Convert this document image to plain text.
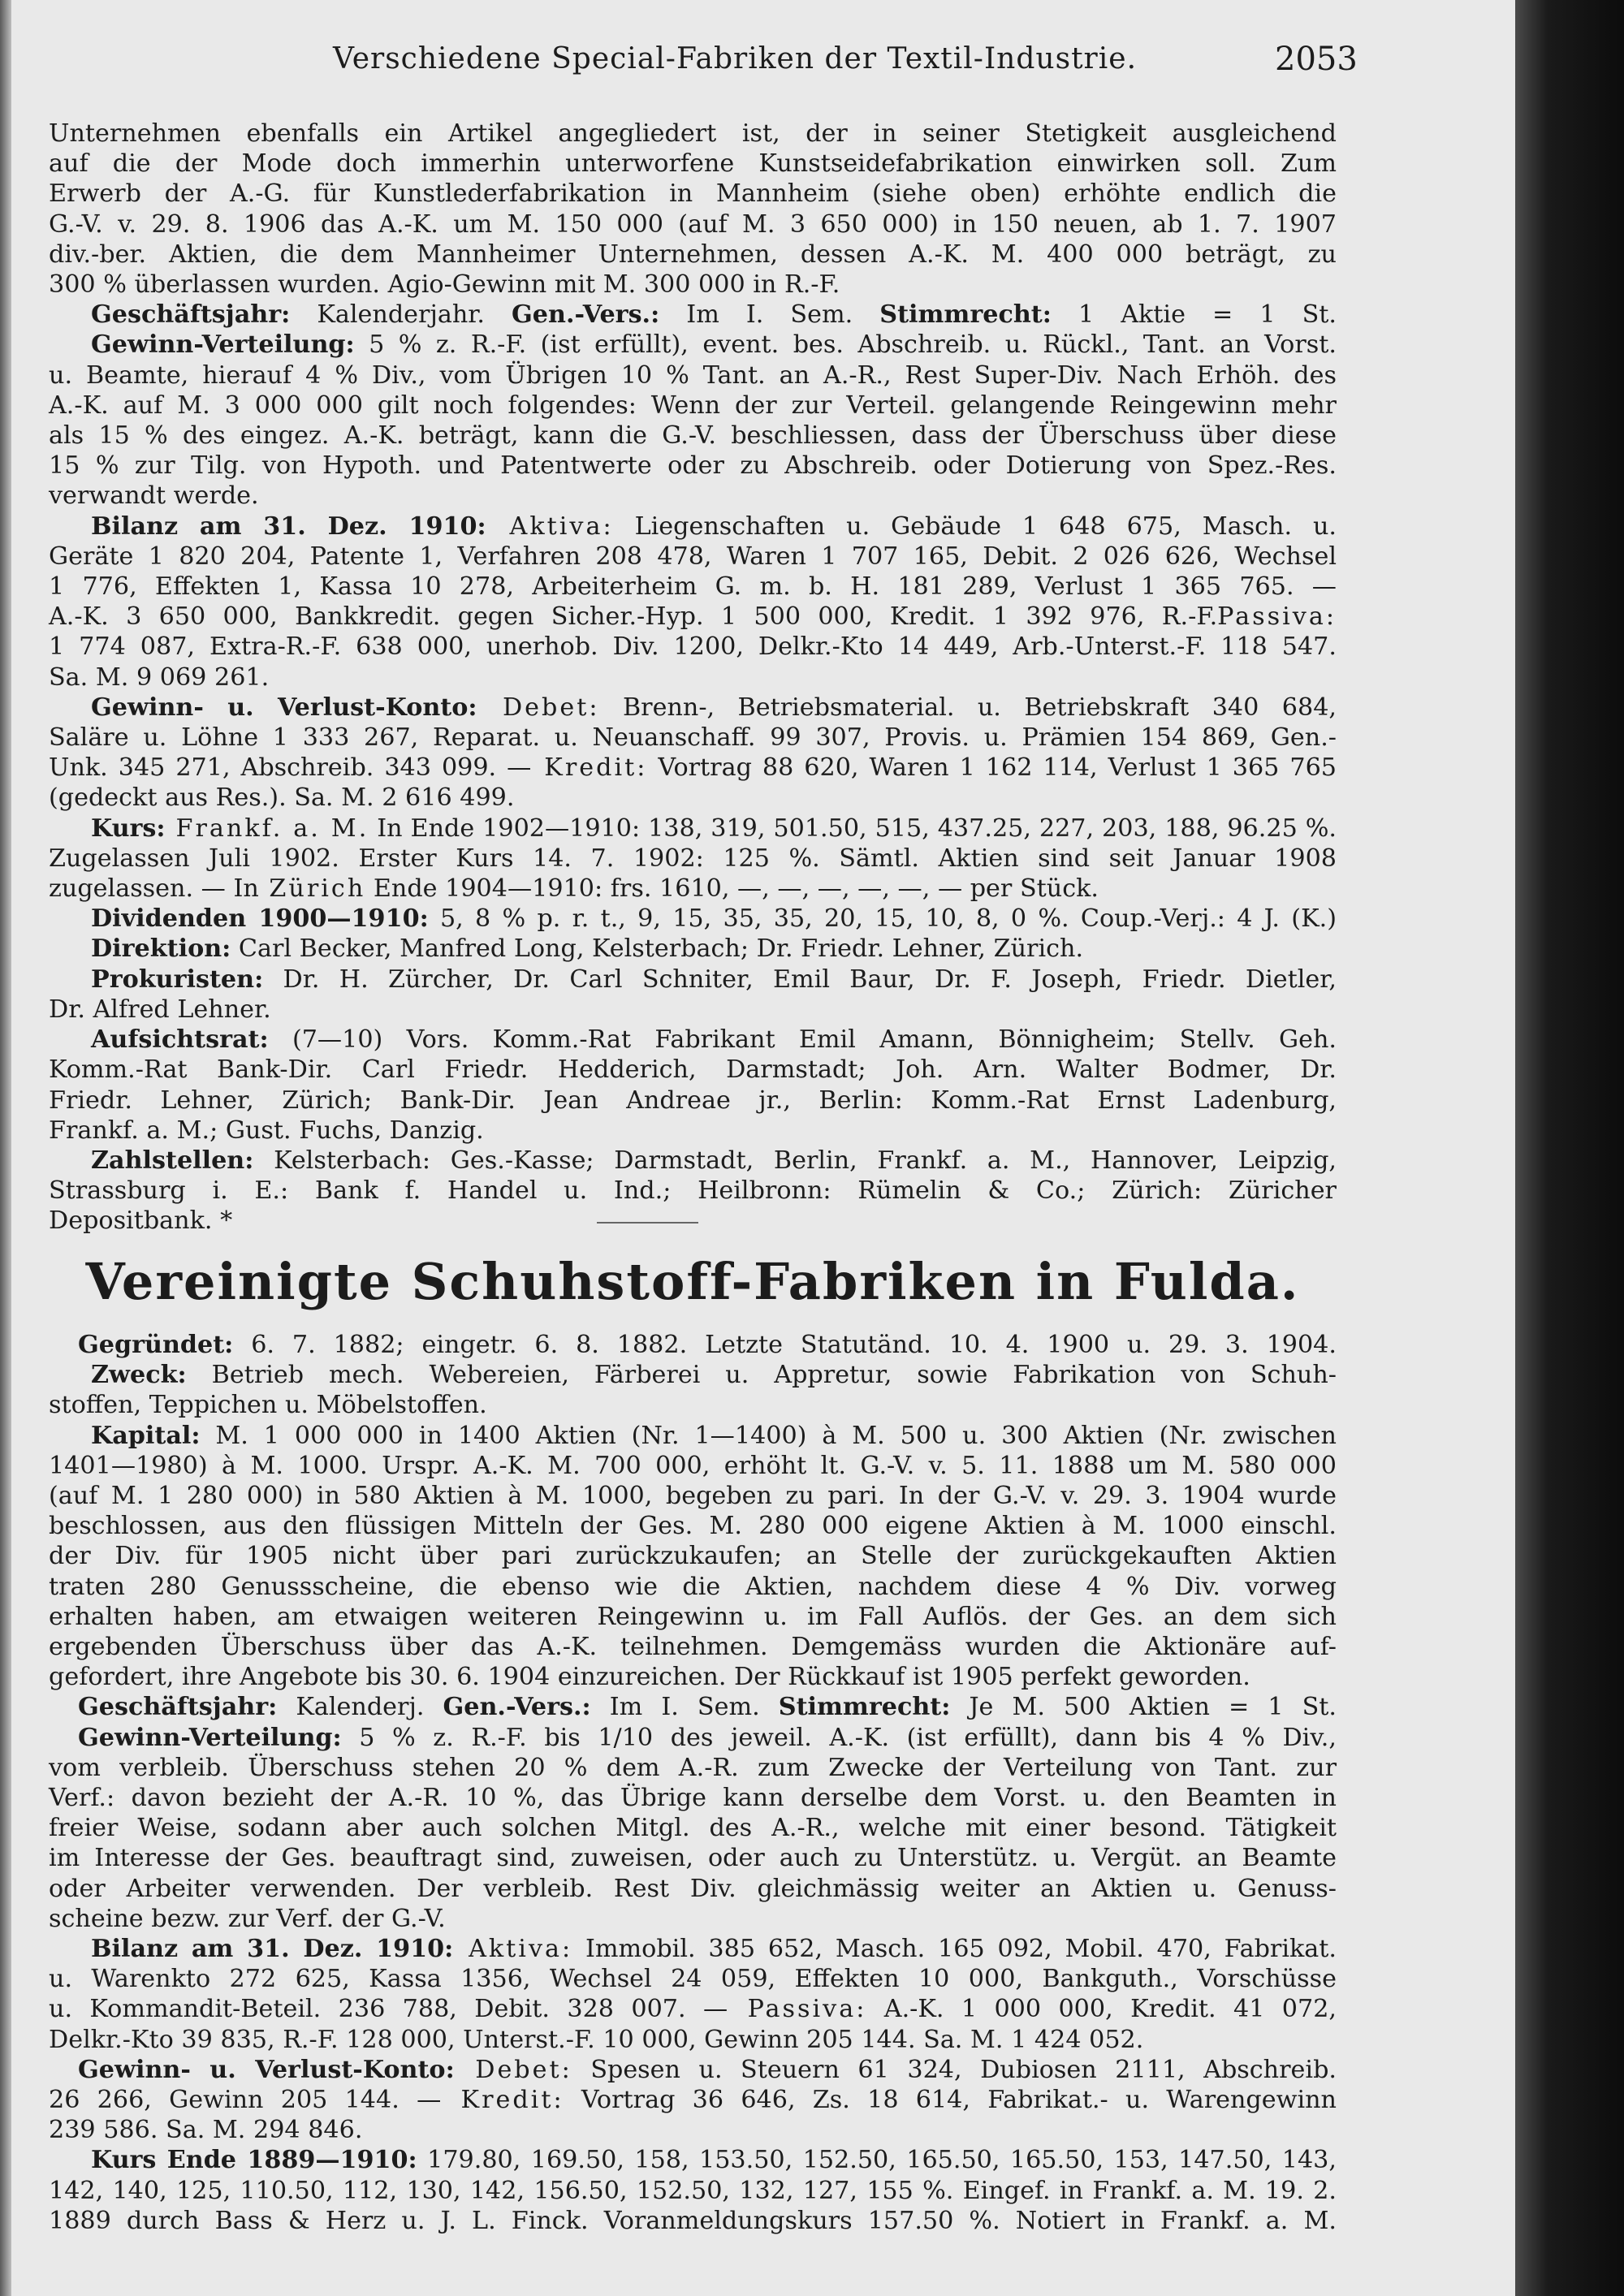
Verschiedene Special-Fabriken der Textil-Industrie.	2053

Unternehmen ebenfalls ein Artikel angegliedert ist, der in seiner Stetigkeit ausgleichend

auf die der Mode doch immerhin unterworfene Kunstseidefabrikation einwirken soll. Zum

Erwerb der A.-G. für Kunstlederfabrikation in Mannheim (siehe oben) erhöhte endlich die

G.-V. v. 29. 8. 1906 das A.-K. um M. 150 000 (auf M. 3 650 000) in 150 neuen, ab 1. 7. 1907

div.-ber. Aktien, die dem Mannheimer Unternehmen, dessen A.-K. M. 400 000 beträgt, zu

300 % überlassen wurden. Agio-Gewinn mit M. 300 000 in R.-F.

Geschäftsjahr: Kalenderjahr. Gen.-Vers.: Im I. Sem. Stimmrecht: 1 Aktie = 1 St.

Gewinn-Verteilung: 5 % z. R.-F. (ist erfüllt), event. bes. Abschreib. u. Rückl., Tant. an Vorst.

u. Beamte, hierauf 4 % Div., vom Übrigen 10 % Tant. an A.-R., Rest Super-Div. Nach Erhöh. des

A.-K. auf M. 3 000 000 gilt noch folgendes: Wenn der zur Verteil. gelangende Reingewinn mehr

als 15 % des eingez. A.-K. beträgt, kann die G.-V. beschliessen, dass der Überschuss über diese

15 % zur Tilg. von Hypoth. und Patentwerte oder zu Abschreib. oder Dotierung von Spez.-Res.

verwandt werde.

Bilanz am 31. Dez. 1910: Aktiva: Liegenschaften u. Gebäude 1 648 675, Masch. u.

Geräte 1 820 204, Patente 1, Verfahren 208 478, Waren 1 707 165, Debit. 2 026 626, Wechsel

1 776, Effekten 1, Kassa 10 278, Arbeiterheim G. m. b. H. 181 289, Verlust 1 365 765. —

A.-K. 3 650 000, Bankkredit. gegen Sicher.-Hyp. 1 500 000, Kredit. 1 392 976, R.-F.Passiva:

1 774 087, Extra-R.-F. 638 000, unerhob. Div. 1200, Delkr.-Kto 14 449, Arb.-Unterst.-F. 118 547.

Sa. M. 9 069 261.

Gewinn- u. Verlust-Konto: Debet: Brenn-, Betriebsmaterial. u. Betriebskraft 340 684,

Saläre u. Löhne 1 333 267, Reparat. u. Neuanschaff. 99 307, Provis. u. Prämien 154 869, Gen.-

Unk. 345 271, Abschreib. 343 099. — Kredit: Vortrag 88 620, Waren 1 162 114, Verlust 1 365 765

(gedeckt aus Res.). Sa. M. 2 616 499.

Kurs: Frankf. a. M. In Ende 1902—1910: 138, 319, 501.50, 515, 437.25, 227, 203, 188, 96.25 %.

Zugelassen Juli 1902. Erster Kurs 14. 7. 1902: 125 %. Sämtl. Aktien sind seit Januar 1908

zugelassen. — In Zürich Ende 1904—1910: frs. 1610, —, —, —, —, —, — per Stück.

Dividenden 1900—1910: 5, 8 % p. r. t., 9, 15, 35, 35, 20, 15, 10, 8, 0 %. Coup.-Verj.: 4 J. (K.)

Direktion: Carl Becker, Manfred Long, Kelsterbach; Dr. Friedr. Lehner, Zürich.

Prokuristen: Dr. H. Zürcher, Dr. Carl Schniter, Emil Baur, Dr. F. Joseph, Friedr. Dietler,

Dr. Alfred Lehner.

Aufsichtsrat: (7—10) Vors. Komm.-Rat Fabrikant Emil Amann, Bönnigheim; Stellv. Geh.

Komm.-Rat Bank-Dir. Carl Friedr. Hedderich, Darmstadt; Joh. Arn. Walter Bodmer, Dr.

Friedr. Lehner, Zürich; Bank-Dir. Jean Andreae jr., Berlin: Komm.-Rat Ernst Ladenburg,

Frankf. a. M.; Gust. Fuchs, Danzig.

Zahlstellen: Kelsterbach: Ges.-Kasse; Darmstadt, Berlin, Frankf. a. M., Hannover, Leipzig,

Strassburg i. E.: Bank f. Handel u. Ind.; Heilbronn: Rümelin & Co.; Zürich: Züricher

Depositbank. *

Vereinigte Schuhstoff-Fabriken in Fulda.

Gegründet: 6. 7. 1882; eingetr. 6. 8. 1882. Letzte Statutänd. 10. 4. 1900 u. 29. 3. 1904.

Zweck: Betrieb mech. Webereien, Färberei u. Appretur, sowie Fabrikation von Schuh-

stoffen, Teppichen u. Möbelstoffen.

Kapital: M. 1 000 000 in 1400 Aktien (Nr. 1—1400) à M. 500 u. 300 Aktien (Nr. zwischen

1401—1980) à M. 1000. Urspr. A.-K. M. 700 000, erhöht lt. G.-V. v. 5. 11. 1888 um M. 580 000

(auf M. 1 280 000) in 580 Aktien à M. 1000, begeben zu pari. In der G.-V. v. 29. 3. 1904 wurde

beschlossen, aus den flüssigen Mitteln der Ges. M. 280 000 eigene Aktien à M. 1000 einschl.

der Div. für 1905 nicht über pari zurückzukaufen; an Stelle der zurückgekauften Aktien

traten 280 Genussscheine, die ebenso wie die Aktien, nachdem diese 4 % Div. vorweg

erhalten haben, am etwaigen weiteren Reingewinn u. im Fall Auflös. der Ges. an dem sich

ergebenden Überschuss über das A.-K. teilnehmen. Demgemäss wurden die Aktionäre auf-

gefordert, ihre Angebote bis 30. 6. 1904 einzureichen. Der Rückkauf ist 1905 perfekt geworden.

Geschäftsjahr: Kalenderj. Gen.-Vers.: Im I. Sem. Stimmrecht: Je M. 500 Aktien = 1 St.

Gewinn-Verteilung: 5 % z. R.-F. bis 1/10 des jeweil. A.-K. (ist erfüllt), dann bis 4 % Div.,

vom verbleib. Überschuss stehen 20 % dem A.-R. zum Zwecke der Verteilung von Tant. zur

Verf.: davon bezieht der A.-R. 10 %, das Übrige kann derselbe dem Vorst. u. den Beamten in

freier Weise, sodann aber auch solchen Mitgl. des A.-R., welche mit einer besond. Tätigkeit

im Interesse der Ges. beauftragt sind, zuweisen, oder auch zu Unterstütz. u. Vergüt. an Beamte

oder Arbeiter verwenden. Der verbleib. Rest Div. gleichmässig weiter an Aktien u. Genuss-

scheine bezw. zur Verf. der G.-V.

Bilanz am 31. Dez. 1910: Aktiva: Immobil. 385 652, Masch. 165 092, Mobil. 470, Fabrikat.

u. Warenkto 272 625, Kassa 1356, Wechsel 24 059, Effekten 10 000, Bankguth., Vorschüsse

u. Kommandit-Beteil. 236 788, Debit. 328 007. — Passiva: A.-K. 1 000 000, Kredit. 41 072,

Delkr.-Kto 39 835, R.-F. 128 000, Unterst.-F. 10 000, Gewinn 205 144. Sa. M. 1 424 052.

Gewinn- u. Verlust-Konto: Debet: Spesen u. Steuern 61 324, Dubiosen 2111, Abschreib.

26 266, Gewinn 205 144. — Kredit: Vortrag 36 646, Zs. 18 614, Fabrikat.- u. Warengewinn

239 586. Sa. M. 294 846.

Kurs Ende 1889—1910: 179.80, 169.50, 158, 153.50, 152.50, 165.50, 165.50, 153, 147.50, 143,

142, 140, 125, 110.50, 112, 130, 142, 156.50, 152.50, 132, 127, 155 %. Eingef. in Frankf. a. M. 19. 2.

1889 durch Bass & Herz u. J. L. Finck. Voranmeldungskurs 157.50 %. Notiert in Frankf. a. M.
